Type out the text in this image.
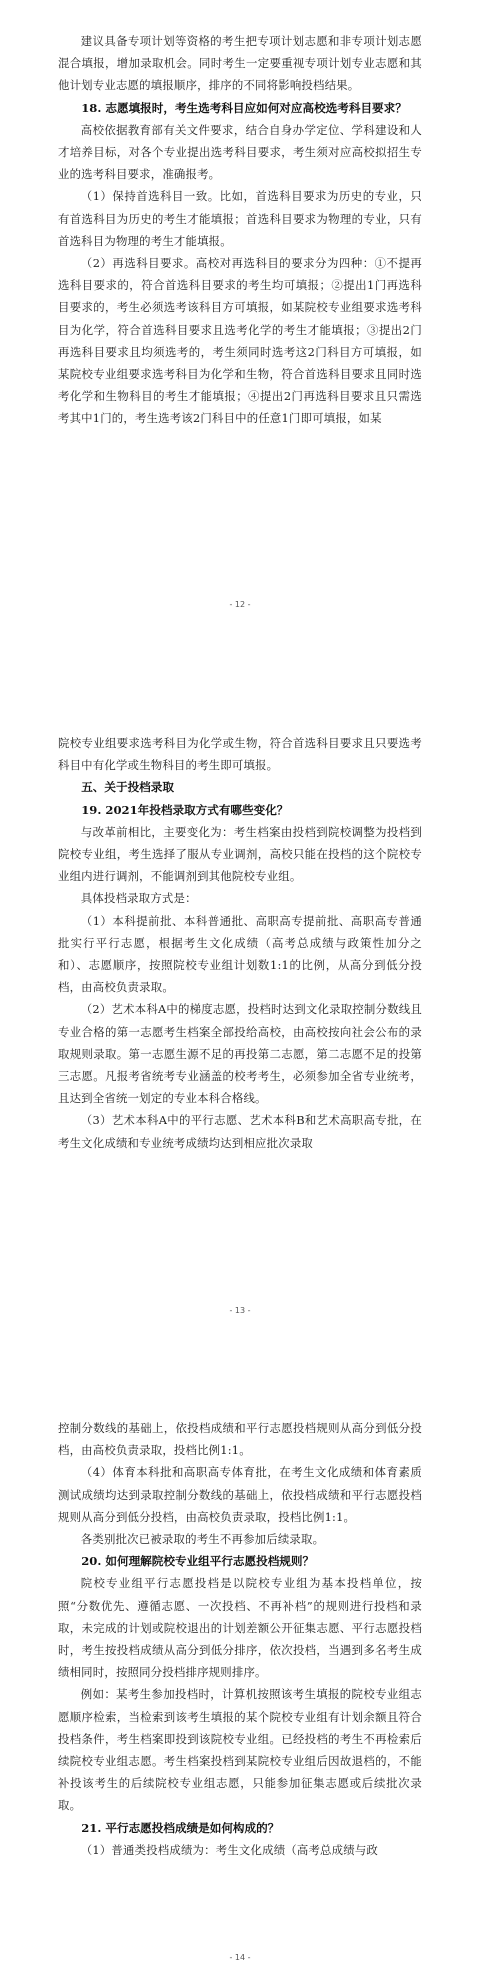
建议具备专项计划等资格的考生把专项计划志愿和非专项计划志愿混合填报，增加录取机会。同时考生一定要重视专项计划专业志愿和其他计划专业志愿的填报顺序，排序的不同将影响投档结果。

18. 志愿填报时，考生选考科目应如何对应高校选考科目要求？

高校依据教育部有关文件要求，结合自身办学定位、学科建设和人才培养目标，对各个专业提出选考科目要求，考生须对应高校拟招生专业的选考科目要求，准确报考。

（1）保持首选科目一致。比如，首选科目要求为历史的专业，只有首选科目为历史的考生才能填报；首选科目要求为物理的专业，只有首选科目为物理的考生才能填报。

（2）再选科目要求。高校对再选科目的要求分为四种：①不提再选科目要求的，符合首选科目要求的考生均可填报；②提出1门再选科目要求的，考生必须选考该科目方可填报，如某院校专业组要求选考科目为化学，符合首选科目要求且选考化学的考生才能填报；③提出2门再选科目要求且均须选考的，考生须同时选考这2门科目方可填报，如某院校专业组要求选考科目为化学和生物，符合首选科目要求且同时选考化学和生物科目的考生才能填报；④提出2门再选科目要求且只需选考其中1门的，考生选考该2门科目中的任意1门即可填报，如某

- 12 -

院校专业组要求选考科目为化学或生物，符合首选科目要求且只要选考科目中有化学或生物科目的考生即可填报。

五、关于投档录取

19. 2021年投档录取方式有哪些变化？

与改革前相比，主要变化为：考生档案由投档到院校调整为投档到院校专业组，考生选择了服从专业调剂，高校只能在投档的这个院校专业组内进行调剂，不能调剂到其他院校专业组。

具体投档录取方式是：

（1）本科提前批、本科普通批、高职高专提前批、高职高专普通批实行平行志愿，根据考生文化成绩（高考总成绩与政策性加分之和）、志愿顺序，按照院校专业组计划数1:1的比例，从高分到低分投档，由高校负责录取。

（2）艺术本科A中的梯度志愿，投档时达到文化录取控制分数线且专业合格的第一志愿考生档案全部投给高校，由高校按向社会公布的录取规则录取。第一志愿生源不足的再投第二志愿，第二志愿不足的投第三志愿。凡报考省统考专业涵盖的校考考生，必须参加全省专业统考，且达到全省统一划定的专业本科合格线。

（3）艺术本科A中的平行志愿、艺术本科B和艺术高职高专批，在考生文化成绩和专业统考成绩均达到相应批次录取

- 13 -

控制分数线的基础上，依投档成绩和平行志愿投档规则从高分到低分投档，由高校负责录取，投档比例1:1。

（4）体育本科批和高职高专体育批，在考生文化成绩和体育素质测试成绩均达到录取控制分数线的基础上，依投档成绩和平行志愿投档规则从高分到低分投档，由高校负责录取，投档比例1:1。

各类别批次已被录取的考生不再参加后续录取。

20. 如何理解院校专业组平行志愿投档规则？

院校专业组平行志愿投档是以院校专业组为基本投档单位，按照“分数优先、遵循志愿、一次投档、不再补档”的规则进行投档和录取，未完成的计划或院校退出的计划差额公开征集志愿、平行志愿投档时，考生按投档成绩从高分到低分排序，依次投档，当遇到多名考生成绩相同时，按照同分投档排序规则排序。

例如：某考生参加投档时，计算机按照该考生填报的院校专业组志愿顺序检索，当检索到该考生填报的某个院校专业组有计划余额且符合投档条件，考生档案即投到该院校专业组。已经投档的考生不再检索后续院校专业组志愿。考生档案投档到某院校专业组后因故退档的，不能补投该考生的后续院校专业组志愿，只能参加征集志愿或后续批次录取。

21. 平行志愿投档成绩是如何构成的？

（1）普通类投档成绩为：考生文化成绩（高考总成绩与政

- 14 -
